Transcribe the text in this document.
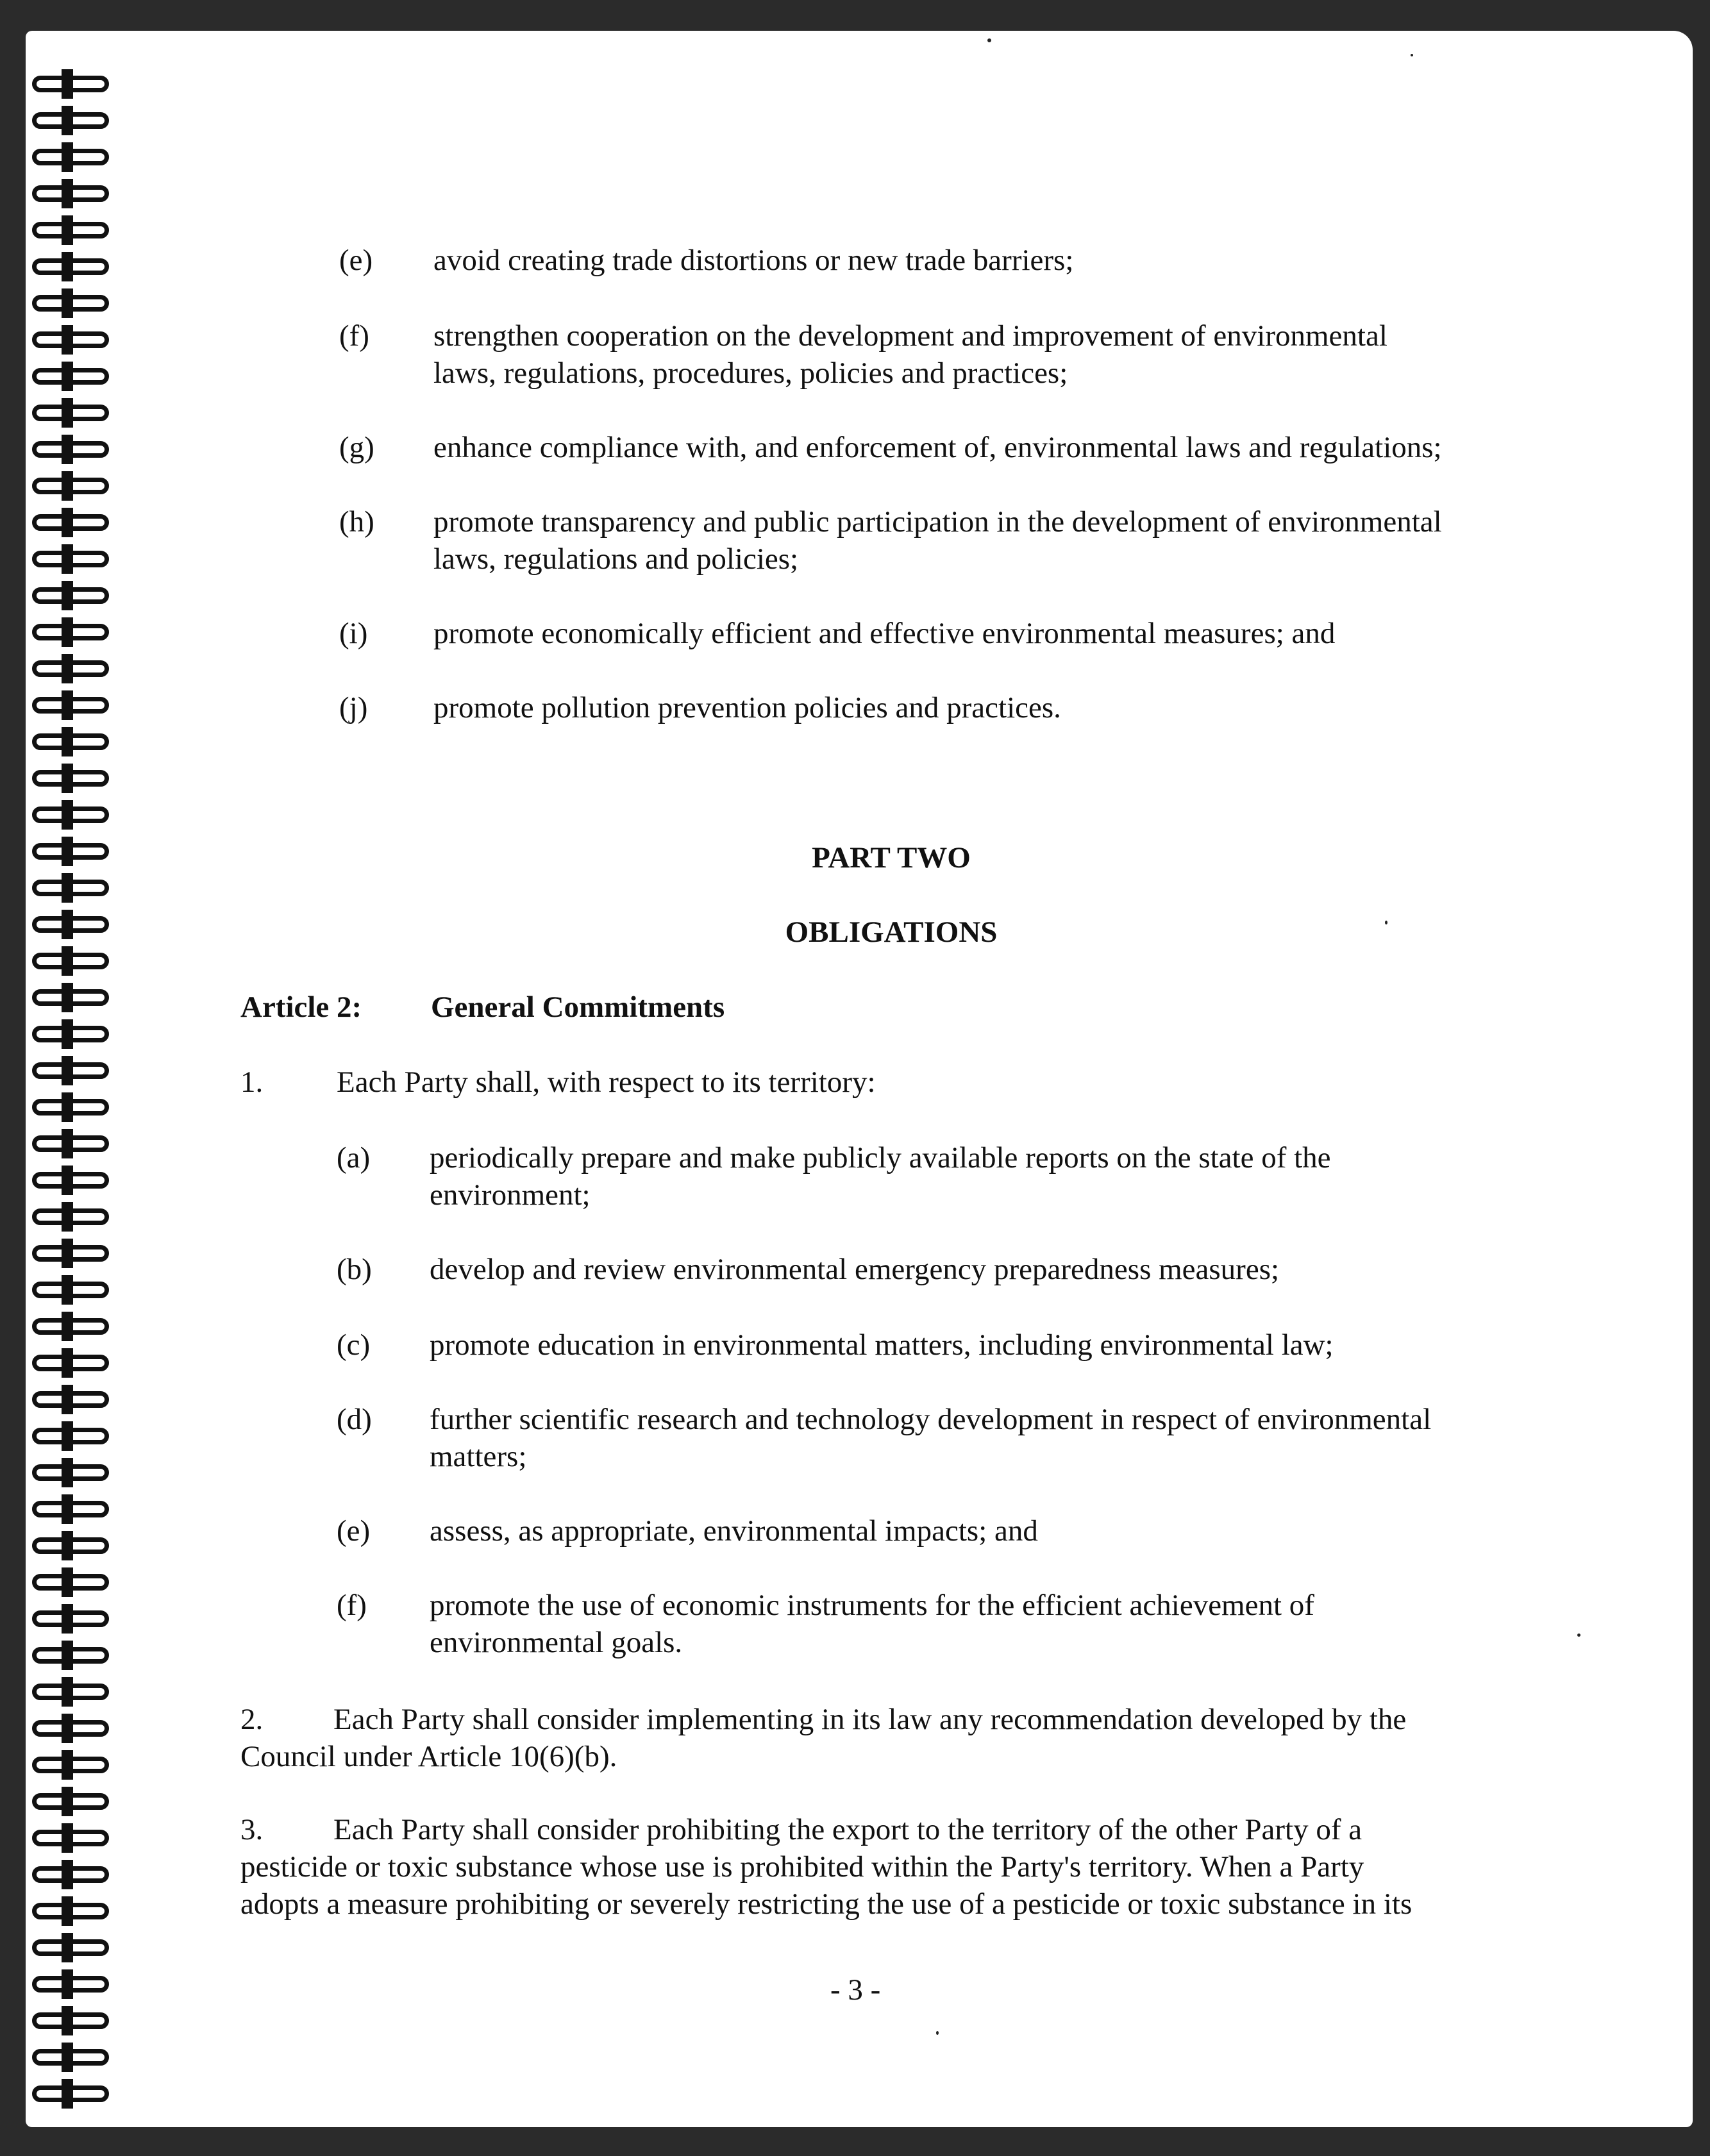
(e) avoid creating trade distortions or new trade barriers;
(f) strengthen cooperation on the development and improvement of environmental
laws, regulations, procedures, policies and practices;
(g) enhance compliance with, and enforcement of, environmental laws and regulations;
(h) promote transparency and public participation in the development of environmental
laws, regulations and policies;
(i) promote economically efficient and effective environmental measures; and
(j) promote pollution prevention policies and practices.
PART TWO
OBLIGATIONS
Article 2: General Commitments
1. Each Party shall, with respect to its territory:
(a) periodically prepare and make publicly available reports on the state of the
environment;
(b) develop and review environmental emergency preparedness measures;
(c) promote education in environmental matters, including environmental law;
(d) further scientific research and technology development in respect of environmental
matters;
(e) assess, as appropriate, environmental impacts; and
(f) promote the use of economic instruments for the efficient achievement of
environmental goals.
2. Each Party shall consider implementing in its law any recommendation developed by the
Council under Article 10(6)(b).
3. Each Party shall consider prohibiting the export to the territory of the other Party of a
pesticide or toxic substance whose use is prohibited within the Party's territory. When a Party
adopts a measure prohibiting or severely restricting the use of a pesticide or toxic substance in its
- 3 -
